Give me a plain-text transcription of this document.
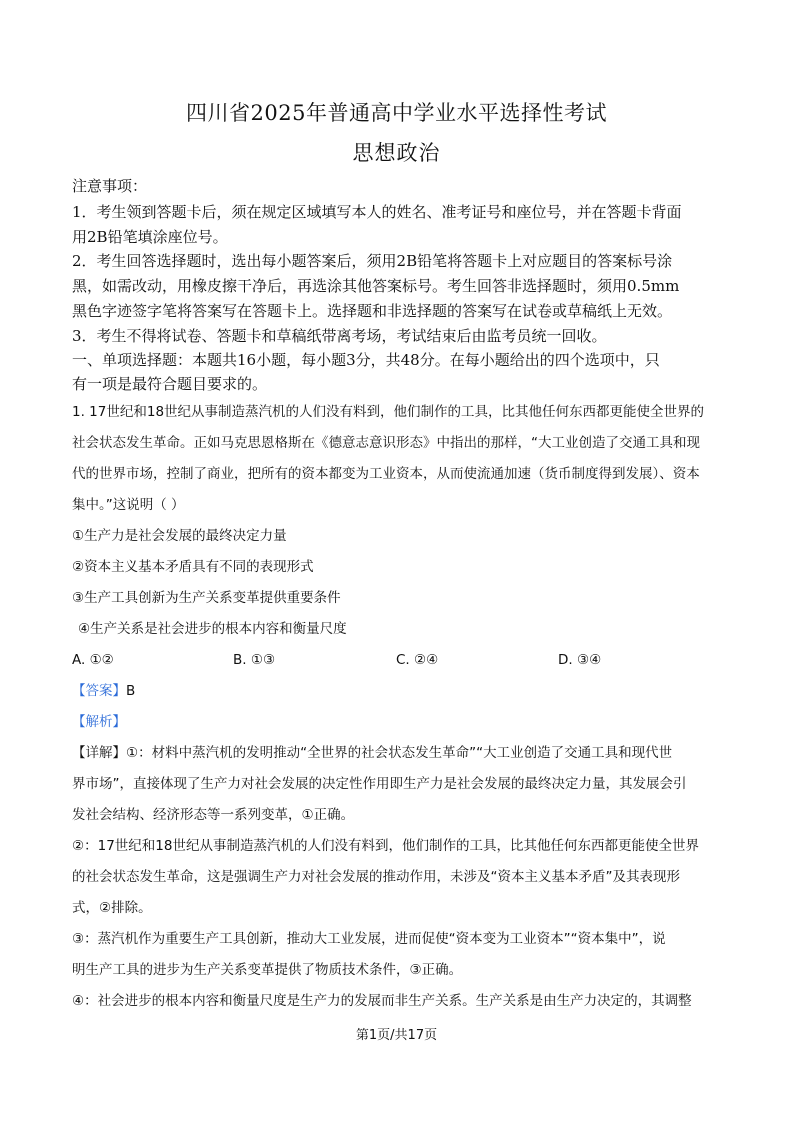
四川省2025年普通高中学业水平选择性考试
思想政治
注意事项：
1．考生领到答题卡后，须在规定区域填写本人的姓名、准考证号和座位号，并在答题卡背面
用2B铅笔填涂座位号。
2．考生回答选择题时，选出每小题答案后，须用2B铅笔将答题卡上对应题目的答案标号涂
黑，如需改动，用橡皮擦干净后，再选涂其他答案标号。考生回答非选择题时，须用0.5mm
黑色字迹签字笔将答案写在答题卡上。选择题和非选择题的答案写在试卷或草稿纸上无效。
3．考生不得将试卷、答题卡和草稿纸带离考场，考试结束后由监考员统一回收。
一、单项选择题：本题共16小题，每小题3分，共48分。在每小题给出的四个选项中，只
有一项是最符合题目要求的。
1. 17世纪和18世纪从事制造蒸汽机的人们没有料到，他们制作的工具，比其他任何东西都更能使全世界的
社会状态发生革命。正如马克思恩格斯在《德意志意识形态》中指出的那样，“大工业创造了交通工具和现
代的世界市场，控制了商业，把所有的资本都变为工业资本，从而使流通加速（货币制度得到发展）、资本
集中。”这说明（ ）
①生产力是社会发展的最终决定力量
②资本主义基本矛盾具有不同的表现形式
③生产工具创新为生产关系变革提供重要条件
④生产关系是社会进步的根本内容和衡量尺度
A. ①②	B. ①③	C. ②④	D. ③④
【答案】B
【解析】
【详解】①：材料中蒸汽机的发明推动“全世界的社会状态发生革命”“大工业创造了交通工具和现代世
界市场”，直接体现了生产力对社会发展的决定性作用即生产力是社会发展的最终决定力量，其发展会引
发社会结构、经济形态等一系列变革，①正确。
②：17世纪和18世纪从事制造蒸汽机的人们没有料到，他们制作的工具，比其他任何东西都更能使全世界
的社会状态发生革命，这是强调生产力对社会发展的推动作用，未涉及“资本主义基本矛盾”及其表现形
式，②排除。
③：蒸汽机作为重要生产工具创新，推动大工业发展，进而促使“资本变为工业资本”“资本集中”，说
明生产工具的进步为生产关系变革提供了物质技术条件，③正确。
④：社会进步的根本内容和衡量尺度是生产力的发展而非生产关系。生产关系是由生产力决定的，其调整
第1页/共17页
